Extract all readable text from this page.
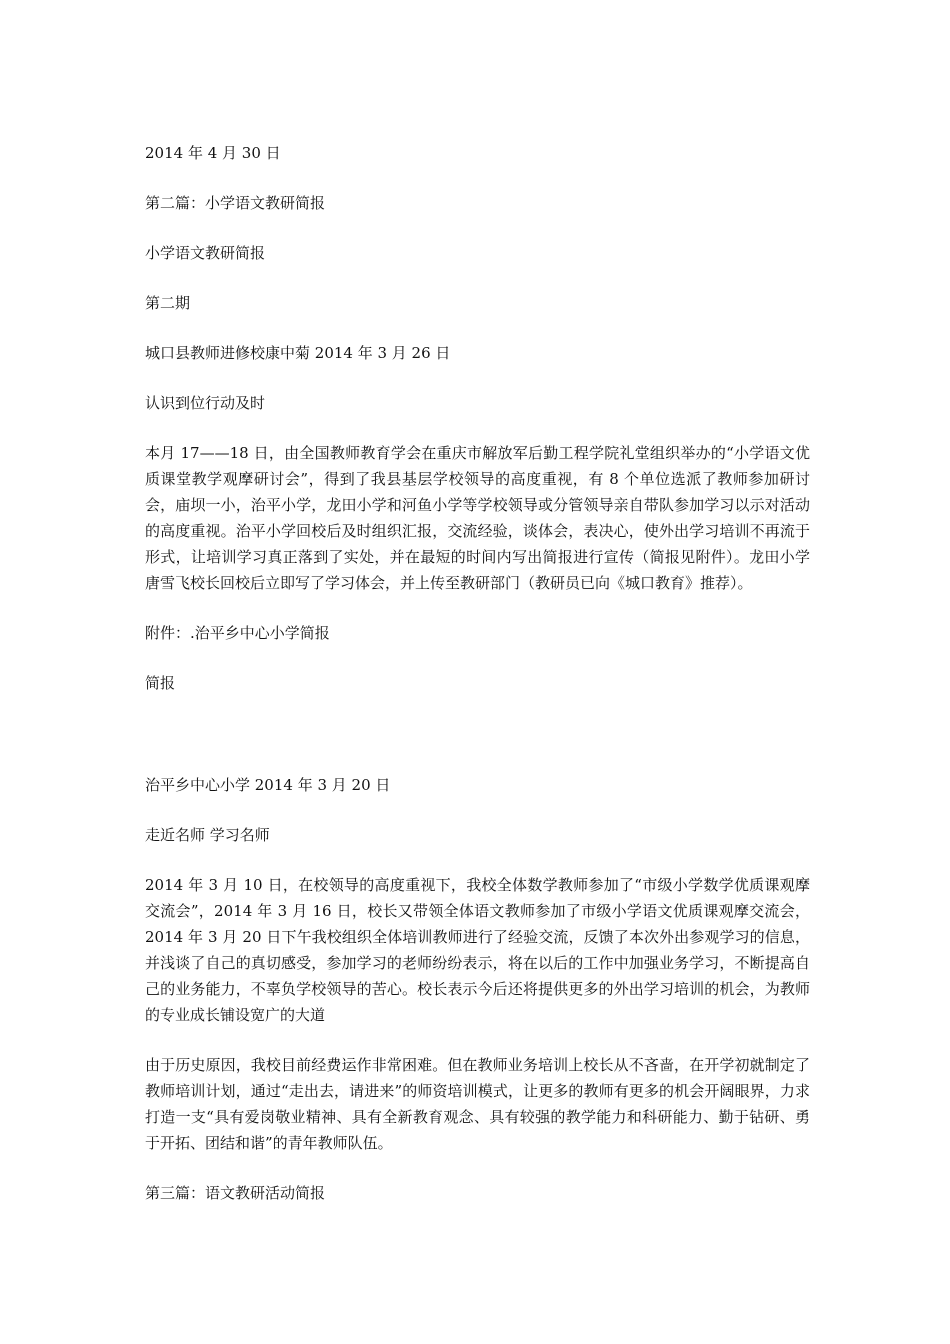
2014 年 4 月 30 日
第二篇：小学语文教研简报
小学语文教研简报
第二期
城口县教师进修校康中菊 2014 年 3 月 26 日
认识到位行动及时
本月 17——18 日，由全国教师教育学会在重庆市解放军后勤工程学院礼堂组织举办的“小学语文优质课堂教学观摩研讨会”，得到了我县基层学校领导的高度重视，有 8 个单位选派了教师参加研讨会，庙坝一小，治平小学，龙田小学和河鱼小学等学校领导或分管领导亲自带队参加学习以示对活动的高度重视。治平小学回校后及时组织汇报，交流经验，谈体会，表决心，使外出学习培训不再流于形式，让培训学习真正落到了实处，并在最短的时间内写出简报进行宣传（简报见附件）。龙田小学唐雪飞校长回校后立即写了学习体会，并上传至教研部门（教研员已向《城口教育》推荐）。
附件：.治平乡中心小学简报
简报
治平乡中心小学 2014 年 3 月 20 日
走近名师 学习名师
2014 年 3 月 10 日，在校领导的高度重视下，我校全体数学教师参加了“市级小学数学优质课观摩交流会”，2014 年 3 月 16 日，校长又带领全体语文教师参加了市级小学语文优质课观摩交流会，2014 年 3 月 20 日下午我校组织全体培训教师进行了经验交流，反馈了本次外出参观学习的信息，并浅谈了自己的真切感受，参加学习的老师纷纷表示，将在以后的工作中加强业务学习，不断提高自己的业务能力，不辜负学校领导的苦心。校长表示今后还将提供更多的外出学习培训的机会，为教师的专业成长铺设宽广的大道
由于历史原因，我校目前经费运作非常困难。但在教师业务培训上校长从不吝啬，在开学初就制定了教师培训计划，通过“走出去，请进来”的师资培训模式，让更多的教师有更多的机会开阔眼界，力求打造一支“具有爱岗敬业精神、具有全新教育观念、具有较强的教学能力和科研能力、勤于钻研、勇于开拓、团结和谐”的青年教师队伍。
第三篇：语文教研活动简报
